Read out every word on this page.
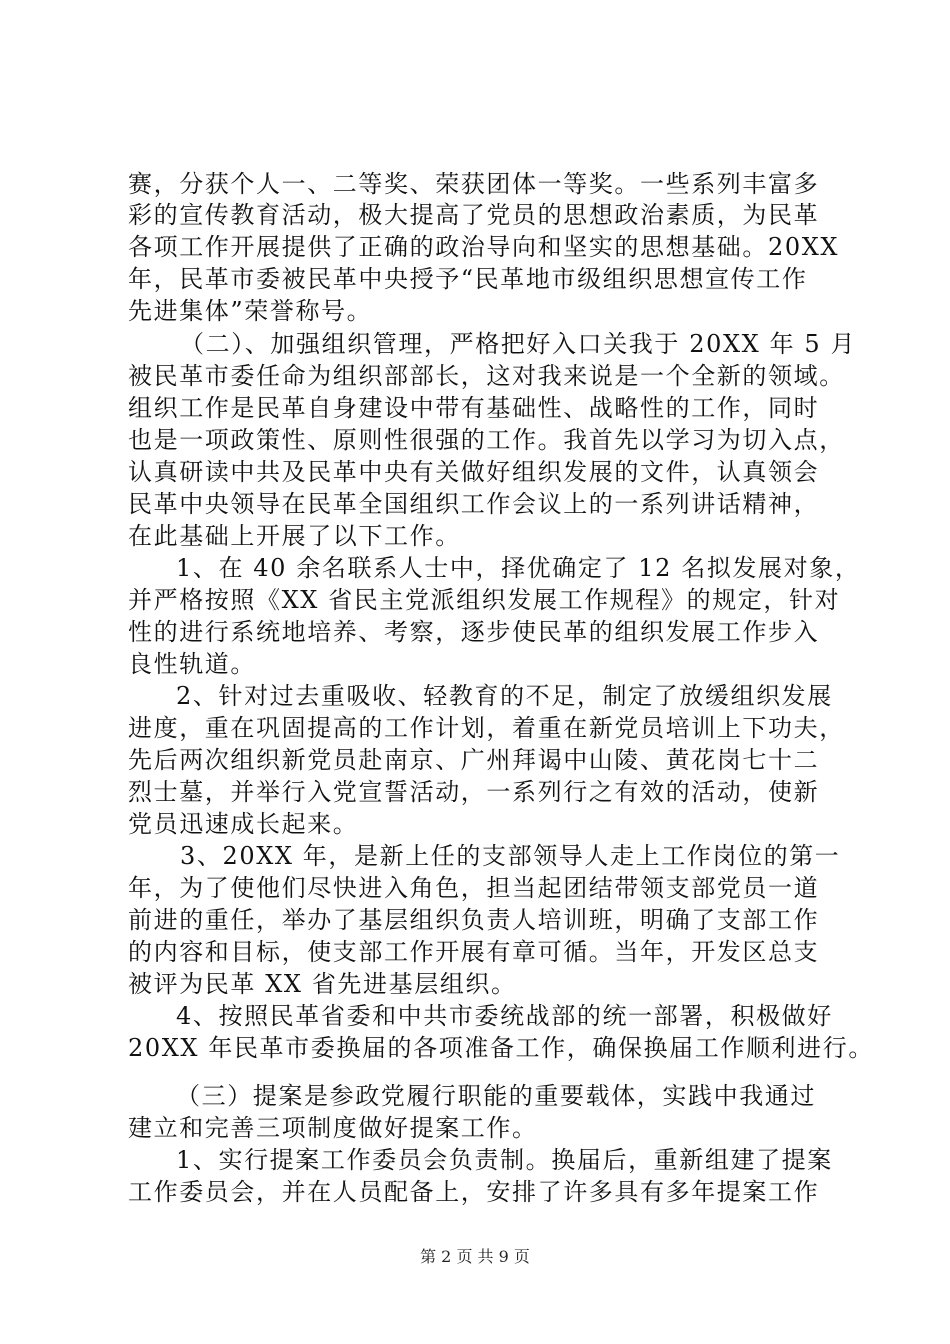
赛，分获个人一、二等奖、荣获团体一等奖。一些系列丰富多
彩的宣传教育活动，极大提高了党员的思想政治素质，为民革
各项工作开展提供了正确的政治导向和坚实的思想基础。20XX
年，民革市委被民革中央授予“民革地市级组织思想宣传工作
先进集体”荣誉称号。
（二）、加强组织管理，严格把好入口关我于 20XX 年 5 月
被民革市委任命为组织部部长，这对我来说是一个全新的领域。
组织工作是民革自身建设中带有基础性、战略性的工作，同时
也是一项政策性、原则性很强的工作。我首先以学习为切入点，
认真研读中共及民革中央有关做好组织发展的文件，认真领会
民革中央领导在民革全国组织工作会议上的一系列讲话精神，
在此基础上开展了以下工作。
1、在 40 余名联系人士中，择优确定了 12 名拟发展对象，
并严格按照《XX 省民主党派组织发展工作规程》的规定，针对
性的进行系统地培养、考察，逐步使民革的组织发展工作步入
良性轨道。
2、针对过去重吸收、轻教育的不足，制定了放缓组织发展
进度，重在巩固提高的工作计划，着重在新党员培训上下功夫，
先后两次组织新党员赴南京、广州拜谒中山陵、黄花岗七十二
烈士墓，并举行入党宣誓活动，一系列行之有效的活动，使新
党员迅速成长起来。
3、20XX 年，是新上任的支部领导人走上工作岗位的第一
年，为了使他们尽快进入角色，担当起团结带领支部党员一道
前进的重任，举办了基层组织负责人培训班，明确了支部工作
的内容和目标，使支部工作开展有章可循。当年，开发区总支
被评为民革 XX 省先进基层组织。
4、按照民革省委和中共市委统战部的统一部署，积极做好
20XX 年民革市委换届的各项准备工作，确保换届工作顺利进行。
（三）提案是参政党履行职能的重要载体，实践中我通过
建立和完善三项制度做好提案工作。
1、实行提案工作委员会负责制。换届后，重新组建了提案
工作委员会，并在人员配备上，安排了许多具有多年提案工作
第 2 页 共 9 页
